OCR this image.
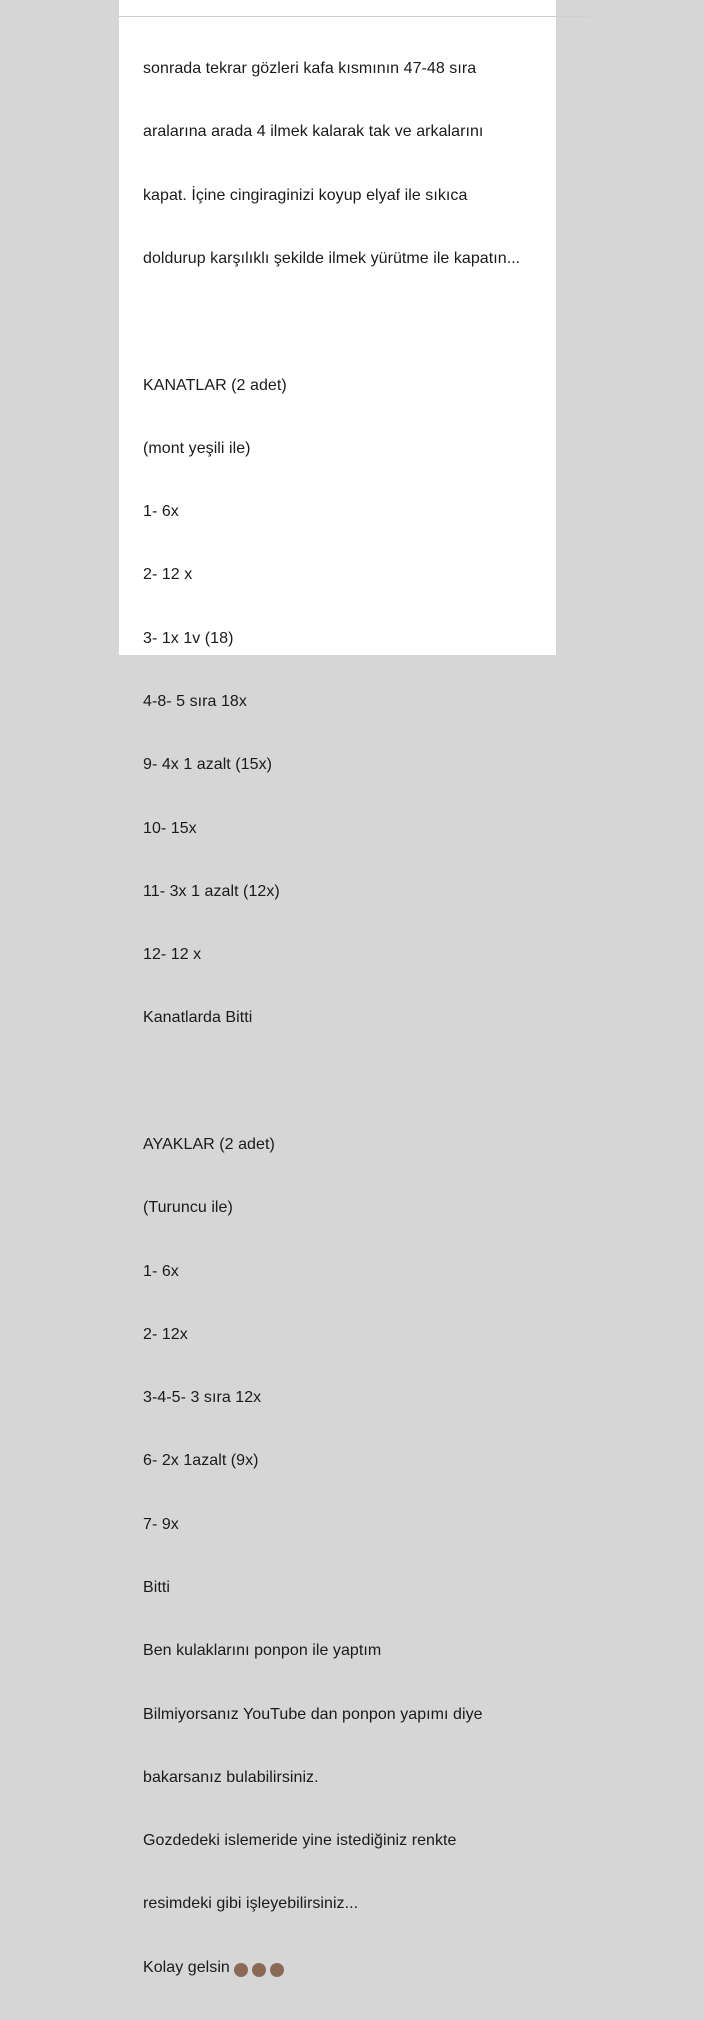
sonrada tekrar gözleri kafa kısmının 47-48 sıra

aralarına arada 4 ilmek kalarak tak ve arkalarını

kapat. İçine cingiraginizi koyup elyaf ile sıkıca

doldurup karşılıklı şekilde ilmek yürütme ile kapatın...

KANATLAR (2 adet)

(mont yeşili ile)

1- 6x

2- 12 x

3- 1x 1v (18)

4-8- 5 sıra 18x

9- 4x 1 azalt (15x)

10- 15x

11- 3x 1 azalt (12x)

12- 12 x

Kanatlarda Bitti

AYAKLAR (2 adet)

(Turuncu ile)

1- 6x

2- 12x

3-4-5- 3 sıra 12x

6- 2x 1azalt (9x)

7- 9x

Bitti

Ben kulaklarını ponpon ile yaptım

Bilmiyorsanız YouTube dan ponpon yapımı diye

bakarsanız bulabilirsiniz.

Gozdedeki islemeride yine istediğiniz renkte

resimdeki gibi işleyebilirsiniz...

Kolay gelsin
